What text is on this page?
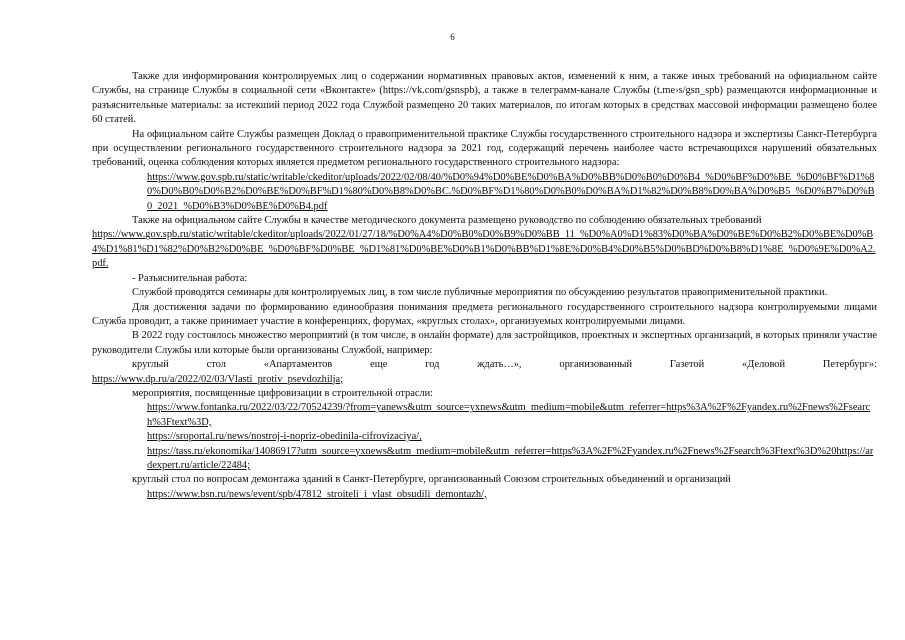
6

Также для информирования контролируемых лиц о содержании нормативных правовых актов, изменений к ним, а также иных требований на официальном сайте Службы, на странице Службы в социальной сети «Вконтакте» (https://vk.com/gsnspb), а также в телеграмм-канале Службы (t.me›s/gsn_spb) размещаются информационные и разъяснительные материалы: за истекший период 2022 года Службой размещено 20 таких материалов, по итогам которых в средствах массовой информации размещено более 60 статей.

На официальном сайте Службы размещен Доклад о правоприменительной практике Службы государственного строительного надзора и экспертизы Санкт-Петербурга при осуществлении регионального государственного строительного надзора за 2021 год, содержащий перечень наиболее часто встречающихся нарушений обязательных требований, оценка соблюдения которых является предметом регионального государственного строительного надзора:

https://www.gov.spb.ru/static/writable/ckeditor/uploads/2022/02/08/40/%D0%94%D0%BE%D0%BA%D0%BB%D0%B0%D0%B4_%D0%BF%D0%BE_%D0%BF%D1%80%D0%B0%D0%B2%D0%BE%D0%BF%D1%80%D0%B8%D0%BC.%D0%BF%D1%80%D0%B0%D0%BA%D1%82%D0%B8%D0%BA%D0%B5_%D0%B7%D0%B0_2021_%D0%B3%D0%BE%D0%B4.pdf

Также на официальном сайте Службы в качестве методического документа размещено руководство по соблюдению обязательных требований

https://www.gov.spb.ru/static/writable/ckeditor/uploads/2022/01/27/18/%D0%A4%D0%B0%D0%B9%D0%BB_11_%D0%A0%D1%83%D0%BA%D0%BE%D0%B2%D0%BE%D0%B4%D1%81%D1%82%D0%B2%D0%BE_%D0%BF%D0%BE_%D1%81%D0%BE%D0%B1%D0%BB%D1%8E%D0%B4%D0%B5%D0%BD%D0%B8%D1%8E_%D0%9E%D0%A2.pdf.

- Разъяснительная работа:

Службой проводятся семинары для контролируемых лиц, в том числе публичные мероприятия по обсуждению результатов правоприменительной практики.

Для достижения задачи по формированию единообразия понимания предмета регионального государственного строительного надзора контролируемыми лицами Служба проводит, а также принимает участие в конференциях, форумах, «круглых столах», организуемых контролируемыми лицами.

В 2022 году состоялось множество мероприятий (в том числе, в онлайн формате) для застройщиков, проектных и экспертных организаций, в которых приняли участие руководители Службы или которые были организованы Службой, например:

круглый стол «Апартаментов еще год ждать…», организованный Газетой «Деловой Петербург»:

https://www.dp.ru/a/2022/02/03/Vlasti_protiv_psevdozhilja;

мероприятия, посвященные цифровизации в строительной отрасли:

https://www.fontanka.ru/2022/03/22/70524239/?from=yanews&utm_source=yxnews&utm_medium=mobile&utm_referrer=https%3A%2F%2Fyandex.ru%2Fnews%2Fsearch%3Ftext%3D,

https://sroportal.ru/news/nostroj-i-nopriz-obedinila-cifrovizaciya/,

https://tass.ru/ekonomika/14086917?utm_source=yxnews&utm_medium=mobile&utm_referrer=https%3A%2F%2Fyandex.ru%2Fnews%2Fsearch%3Ftext%3D%20https://ardexpert.ru/article/22484;

круглый стол по вопросам демонтажа зданий в Санкт-Петербурге, организованный Союзом строительных объединений и организаций

https://www.bsn.ru/news/event/spb/47812_stroiteli_i_vlast_obsudili_demontazh/,
